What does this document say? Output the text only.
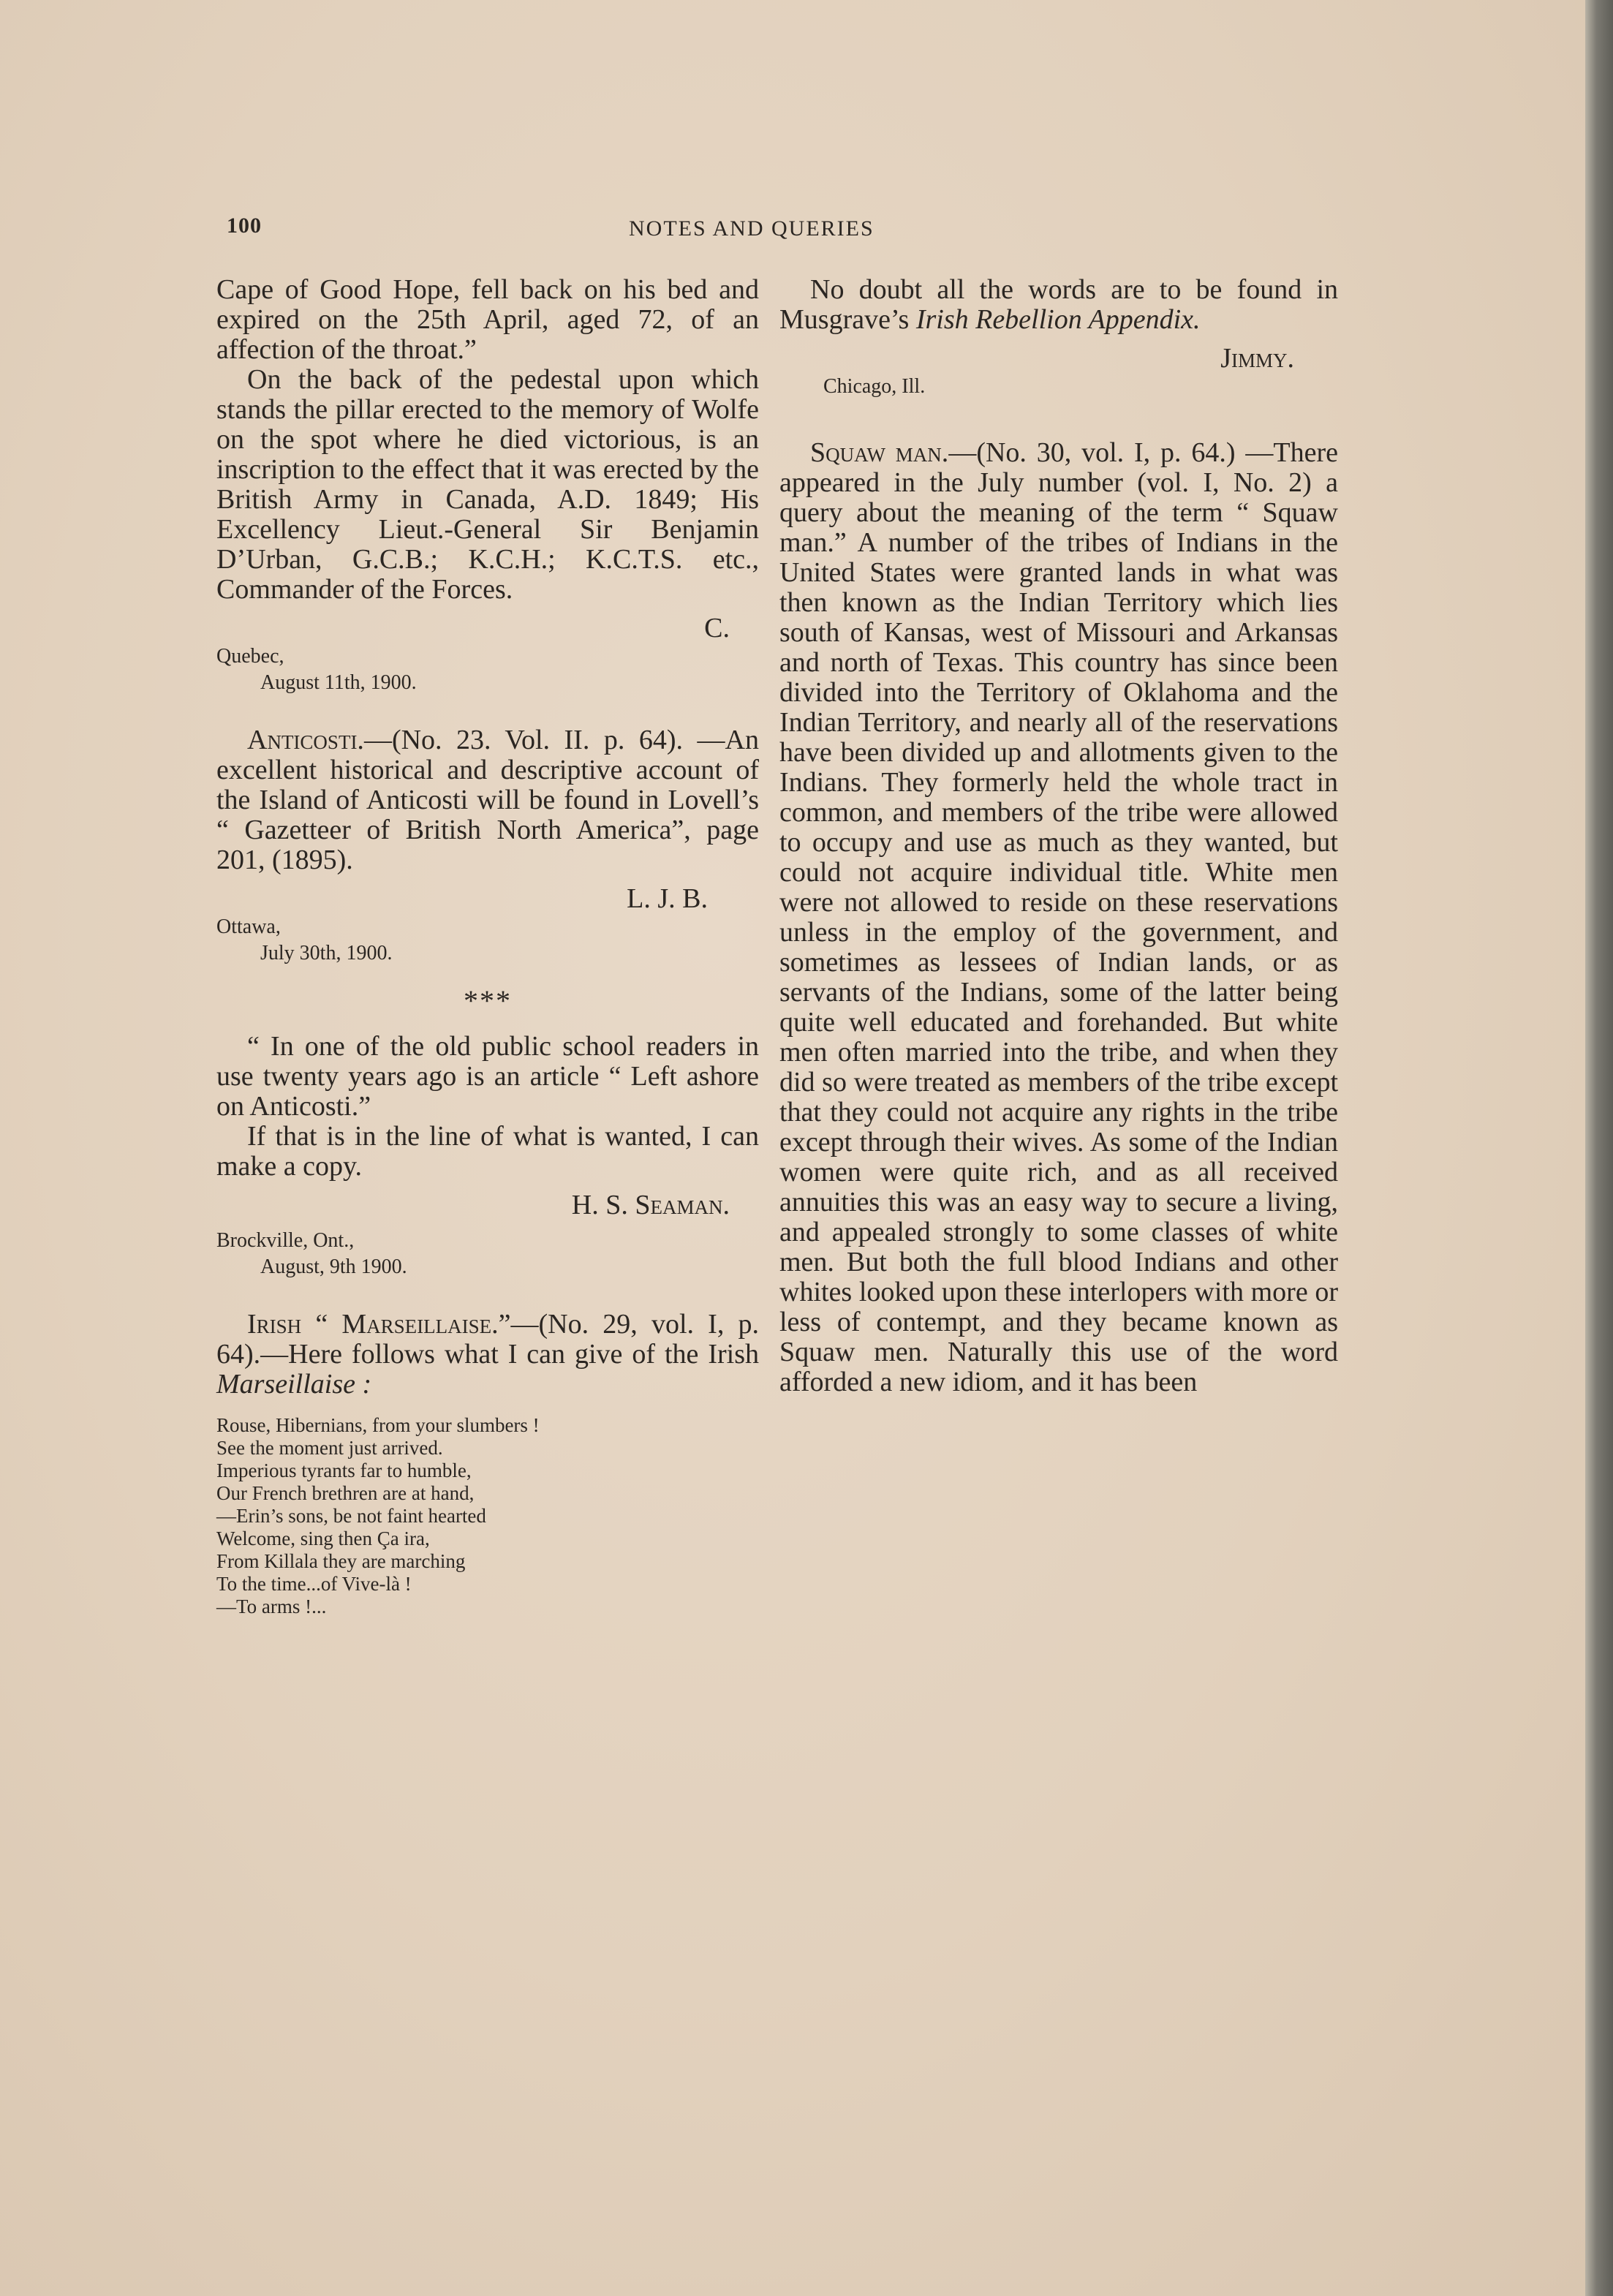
100	NOTES AND QUERIES

Cape of Good Hope, fell back on his bed and expired on the 25th April, aged 72, of an affection of the throat.”

On the back of the pedestal upon which stands the pillar erected to the memory of Wolfe on the spot where he died victorious, is an inscription to the effect that it was erected by the British Army in Canada, A.D. 1849; His Excellency Lieut.-General Sir Benjamin D’Urban, G.C.B.; K.C.H.; K.C.T.S. etc., Commander of the Forces.

C.
Quebec,
August 11th, 1900.

Anticosti.—(No. 23. Vol. II. p. 64). —An excellent historical and descriptive account of the Island of Anticosti will be found in Lovell’s “ Gazetteer of British North America”, page 201, (1895).

L. J. B.
Ottawa,
July 30th, 1900.
***

“ In one of the old public school readers in use twenty years ago is an article “ Left ashore on Anticosti.”

If that is in the line of what is wanted, I can make a copy.

H. S. Seaman.
Brockville, Ont.,
August, 9th 1900.

Irish “ Marseillaise.”—(No. 29, vol. I, p. 64).—Here follows what I can give of the Irish Marseillaise :

Rouse, Hibernians, from your slumbers !
See the moment just arrived.
Imperious tyrants far to humble,
Our French brethren are at hand,
—Erin’s sons, be not faint hearted
Welcome, sing then Ça ira,
From Killala they are marching
To the time...of Vive-là !
—To arms !...

No doubt all the words are to be found in Musgrave’s Irish Rebellion Appendix.

Jimmy.
Chicago, Ill.

Squaw man.—(No. 30, vol. I, p. 64.) —There appeared in the July number (vol. I, No. 2) a query about the meaning of the term “ Squaw man.” A number of the tribes of Indians in the United States were granted lands in what was then known as the Indian Territory which lies south of Kansas, west of Missouri and Arkansas and north of Texas. This country has since been divided into the Territory of Oklahoma and the Indian Territory, and nearly all of the reservations have been divided up and allotments given to the Indians. They formerly held the whole tract in common, and members of the tribe were allowed to occupy and use as much as they wanted, but could not acquire individual title. White men were not allowed to reside on these reservations unless in the employ of the government, and sometimes as lessees of Indian lands, or as servants of the Indians, some of the latter being quite well educated and forehanded. But white men often married into the tribe, and when they did so were treated as members of the tribe except that they could not acquire any rights in the tribe except through their wives. As some of the Indian women were quite rich, and as all received annuities this was an easy way to secure a living, and appealed strongly to some classes of white men. But both the full blood Indians and other whites looked upon these interlopers with more or less of contempt, and they became known as Squaw men. Naturally this use of the word afforded a new idiom, and it has been
